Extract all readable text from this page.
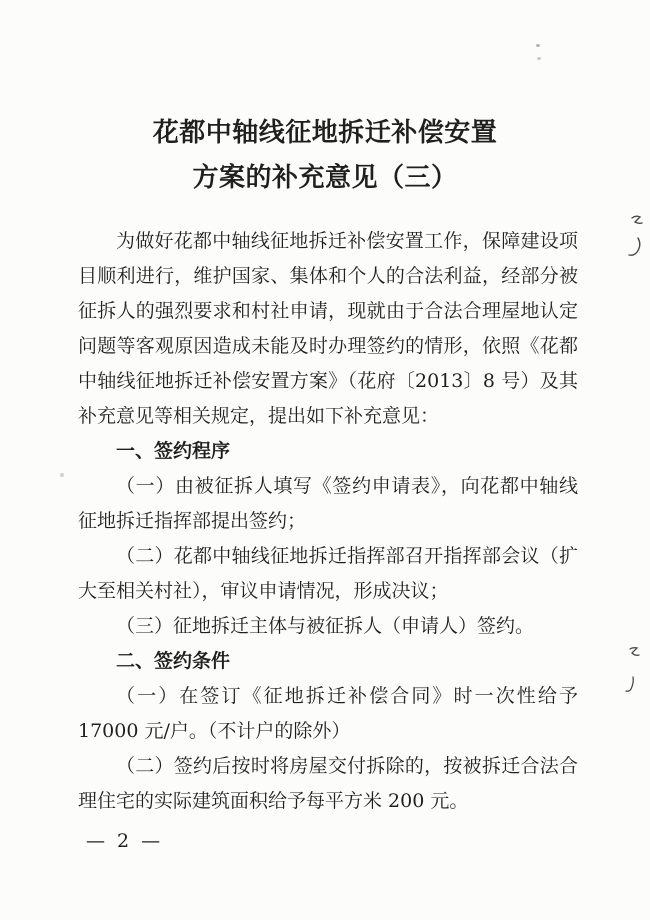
花都中轴线征地拆迁补偿安置
方案的补充意见（三）

为做好花都中轴线征地拆迁补偿安置工作，保障建设项目顺利进行，维护国家、集体和个人的合法利益，经部分被征拆人的强烈要求和村社申请，现就由于合法合理屋地认定问题等客观原因造成未能及时办理签约的情形，依照《花都中轴线征地拆迁补偿安置方案》（花府〔2013〕8 号）及其补充意见等相关规定，提出如下补充意见：

一、签约程序

（一）由被征拆人填写《签约申请表》，向花都中轴线征地拆迁指挥部提出签约；

（二）花都中轴线征地拆迁指挥部召开指挥部会议（扩大至相关村社），审议申请情况，形成决议；

（三）征地拆迁主体与被征拆人（申请人）签约。

二、签约条件

（一）在签订《征地拆迁补偿合同》时一次性给予 17000 元/户。（不计户的除外）

（二）签约后按时将房屋交付拆除的，按被拆迁合法合理住宅的实际建筑面积给予每平方米 200 元。

— 2 —
